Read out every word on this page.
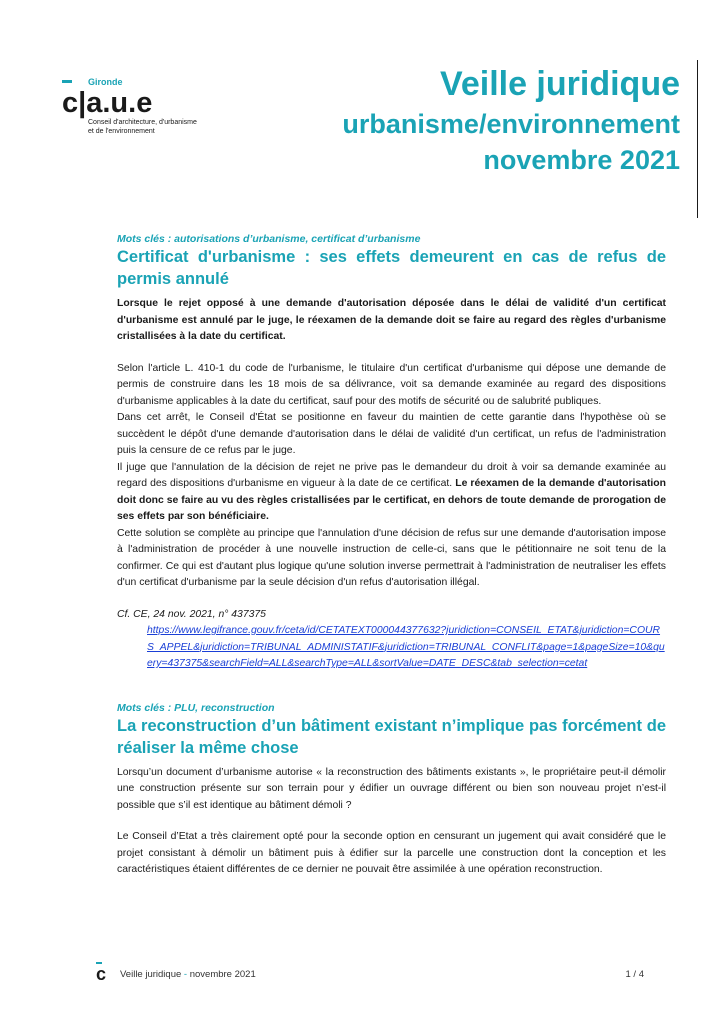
Gironde
c|a.u.e
Conseil d'architecture, d'urbanisme
et de l'environnement
Veille juridique
urbanisme/environnement
novembre 2021
Mots clés : autorisations d’urbanisme, certificat d’urbanisme
Certificat d'urbanisme : ses effets demeurent en cas de refus de permis annulé

Lorsque le rejet opposé à une demande d'autorisation déposée dans le délai de validité d'un certificat d'urbanisme est annulé par le juge, le réexamen de la demande doit se faire au regard des règles d'urbanisme cristallisées à la date du certificat.

Selon l'article L. 410-1 du code de l'urbanisme, le titulaire d'un certificat d'urbanisme qui dépose une demande de permis de construire dans les 18 mois de sa délivrance, voit sa demande examinée au regard des dispositions d'urbanisme applicables à la date du certificat, sauf pour des motifs de sécurité ou de salubrité publiques.

Dans cet arrêt, le Conseil d'État se positionne en faveur du maintien de cette garantie dans l'hypothèse où se succèdent le dépôt d'une demande d'autorisation dans le délai de validité d'un certificat, un refus de l'administration puis la censure de ce refus par le juge.

Il juge que l'annulation de la décision de rejet ne prive pas le demandeur du droit à voir sa demande examinée au regard des dispositions d'urbanisme en vigueur à la date de ce certificat. Le réexamen de la demande d'autorisation doit donc se faire au vu des règles cristallisées par le certificat, en dehors de toute demande de prorogation de ses effets par son bénéficiaire.

Cette solution se complète au principe que l'annulation d'une décision de refus sur une demande d'autorisation impose à l'administration de procéder à une nouvelle instruction de celle-ci, sans que le pétitionnaire ne soit tenu de la confirmer. Ce qui est d'autant plus logique qu'une solution inverse permettrait à l'administration de neutraliser les effets d'un certificat d'urbanisme par la seule décision d'un refus d'autorisation illégal.

Cf. CE, 24 nov. 2021, n° 437375

https://www.legifrance.gouv.fr/ceta/id/CETATEXT000044377632?juridiction=CONSEIL_ETAT&juridiction=COURS_APPEL&juridiction=TRIBUNAL_ADMINISTATIF&juridiction=TRIBUNAL_CONFLIT&page=1&pageSize=10&query=437375&searchField=ALL&searchType=ALL&sortValue=DATE_DESC&tab_selection=cetat
Mots clés : PLU, reconstruction
La reconstruction d’un bâtiment existant n’implique pas forcément de réaliser la même chose

Lorsqu’un document d’urbanisme autorise « la reconstruction des bâtiments existants », le propriétaire peut-il démolir une construction présente sur son terrain pour y édifier un ouvrage différent ou bien son nouveau projet n’est-il possible que s’il est identique au bâtiment démoli ?

Le Conseil d’Etat a très clairement opté pour la seconde option en censurant un jugement qui avait considéré que le projet consistant à démolir un bâtiment puis à édifier sur la parcelle une construction dont la conception et les caractéristiques étaient différentes de ce dernier ne pouvait être assimilée à une opération reconstruction.

c Veille juridique - novembre 2021	1 / 4
